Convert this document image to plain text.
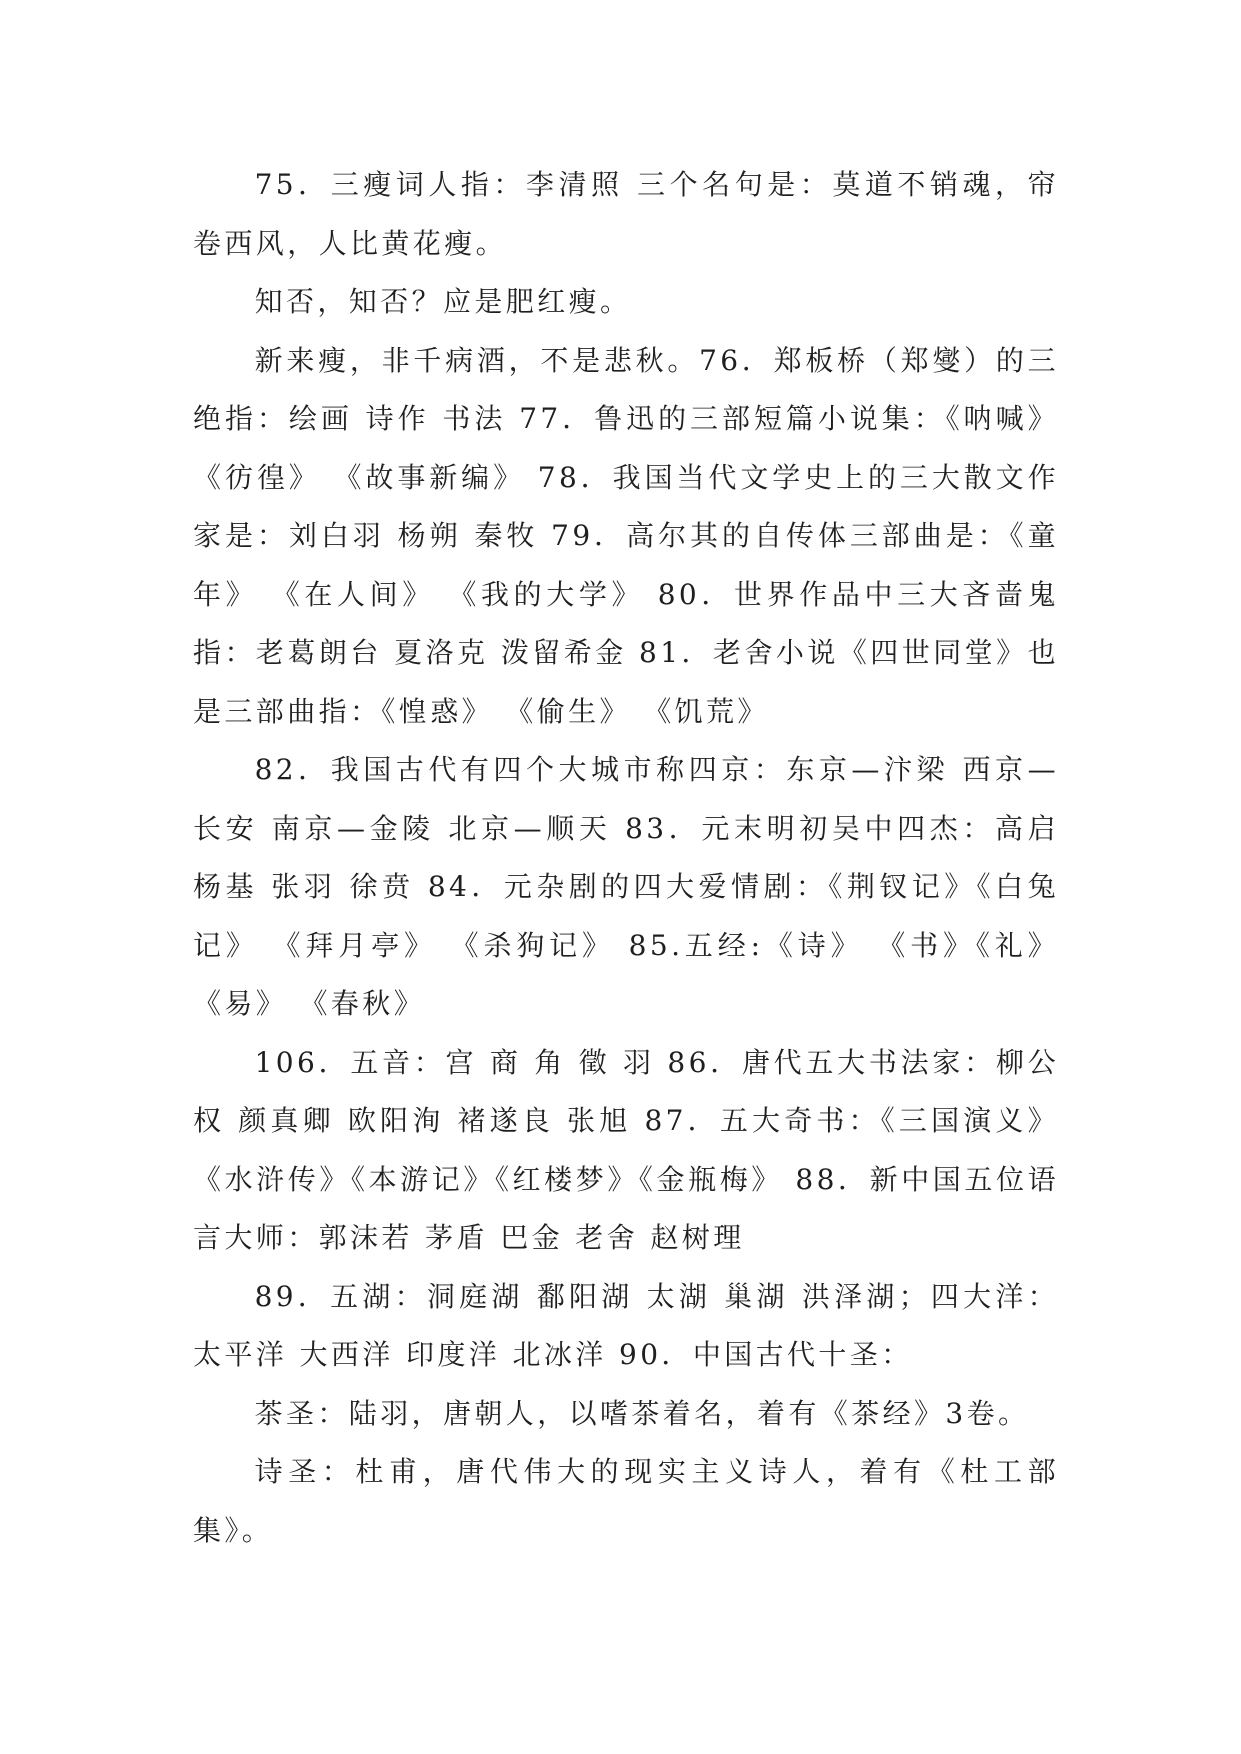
75．三瘦词人指：李清照 三个名句是：莫道不销魂，帘卷西风，人比黄花瘦。

知否，知否？应是肥红瘦。

新来瘦，非千病酒，不是悲秋。76．郑板桥（郑燮）的三绝指：绘画 诗作 书法 77．鲁迅的三部短篇小说集：《呐喊》 《彷徨》 《故事新编》 78．我国当代文学史上的三大散文作家是：刘白羽 杨朔 秦牧 79．高尔其的自传体三部曲是：《童年》 《在人间》 《我的大学》 80．世界作品中三大吝啬鬼指：老葛朗台 夏洛克 泼留希金 81．老舍小说《四世同堂》也是三部曲指：《惶惑》 《偷生》 《饥荒》

82．我国古代有四个大城市称四京：东京—汴梁 西京—长安 南京—金陵 北京—顺天 83．元末明初吴中四杰：高启 杨基 张羽 徐贲 84．元杂剧的四大爱情剧：《荆钗记》《白兔记》 《拜月亭》 《杀狗记》 85.五经:《诗》 《书》《礼》 《易》 《春秋》

106．五音：宫 商 角 徵 羽 86．唐代五大书法家：柳公权 颜真卿 欧阳洵 褚遂良 张旭 87．五大奇书：《三国演义》《水浒传》《本游记》《红楼梦》《金瓶梅》 88．新中国五位语言大师：郭沫若 茅盾 巴金 老舍 赵树理

89．五湖：洞庭湖 鄱阳湖 太湖 巢湖 洪泽湖；四大洋：太平洋 大西洋 印度洋 北冰洋 90．中国古代十圣：

茶圣：陆羽，唐朝人，以嗜茶着名，着有《茶经》3卷。

诗圣：杜甫，唐代伟大的现实主义诗人，着有《杜工部集》。
